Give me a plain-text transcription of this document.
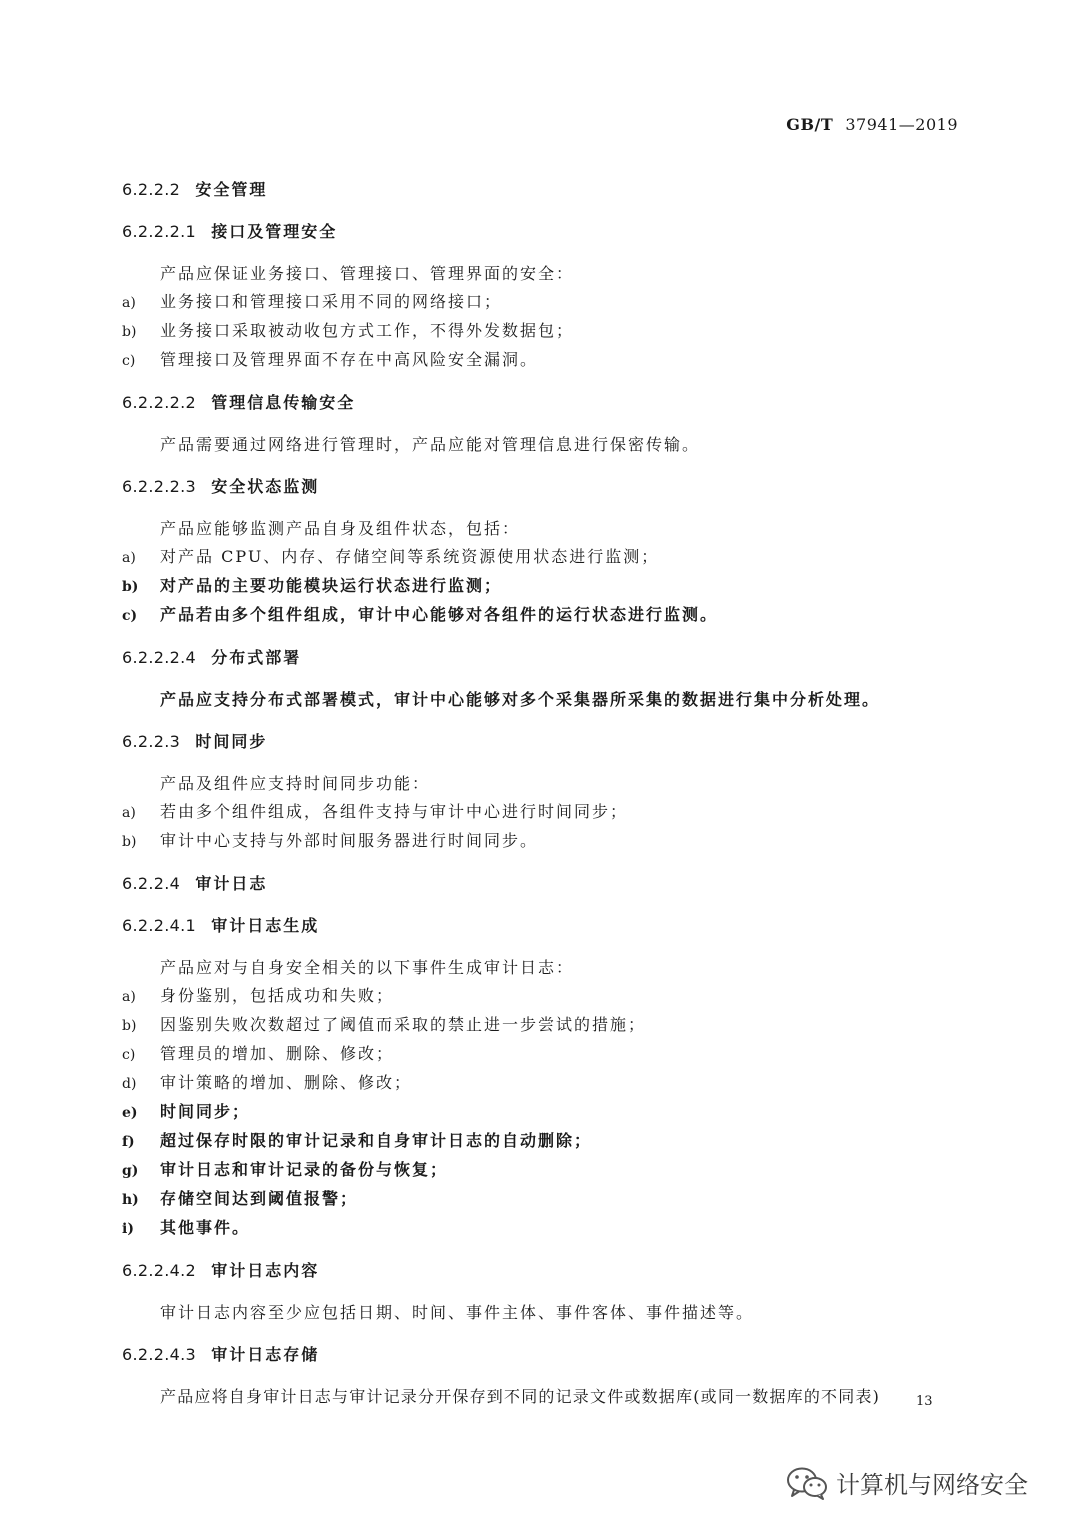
GB/T 37941—2019
6.2.2.2 安全管理
6.2.2.2.1 接口及管理安全

产品应保证业务接口、管理接口、管理界面的安全：

a) 业务接口和管理接口采用不同的网络接口；

b) 业务接口采取被动收包方式工作，不得外发数据包；

c) 管理接口及管理界面不存在中高风险安全漏洞。

6.2.2.2.2 管理信息传输安全

产品需要通过网络进行管理时，产品应能对管理信息进行保密传输。

6.2.2.2.3 安全状态监测

产品应能够监测产品自身及组件状态，包括：

a) 对产品 CPU、内存、存储空间等系统资源使用状态进行监测；

b) 对产品的主要功能模块运行状态进行监测；

c) 产品若由多个组件组成，审计中心能够对各组件的运行状态进行监测。

6.2.2.2.4 分布式部署

产品应支持分布式部署模式，审计中心能够对多个采集器所采集的数据进行集中分析处理。

6.2.2.3 时间同步

产品及组件应支持时间同步功能：

a) 若由多个组件组成，各组件支持与审计中心进行时间同步；

b) 审计中心支持与外部时间服务器进行时间同步。

6.2.2.4 审计日志
6.2.2.4.1 审计日志生成

产品应对与自身安全相关的以下事件生成审计日志：

a) 身份鉴别，包括成功和失败；

b) 因鉴别失败次数超过了阈值而采取的禁止进一步尝试的措施；

c) 管理员的增加、删除、修改；

d) 审计策略的增加、删除、修改；

e) 时间同步；

f) 超过保存时限的审计记录和自身审计日志的自动删除；

g) 审计日志和审计记录的备份与恢复；

h) 存储空间达到阈值报警；

i) 其他事件。

6.2.2.4.2 审计日志内容

审计日志内容至少应包括日期、时间、事件主体、事件客体、事件描述等。

6.2.2.4.3 审计日志存储

产品应将自身审计日志与审计记录分开保存到不同的记录文件或数据库(或同一数据库的不同表)	13
计算机与网络安全
